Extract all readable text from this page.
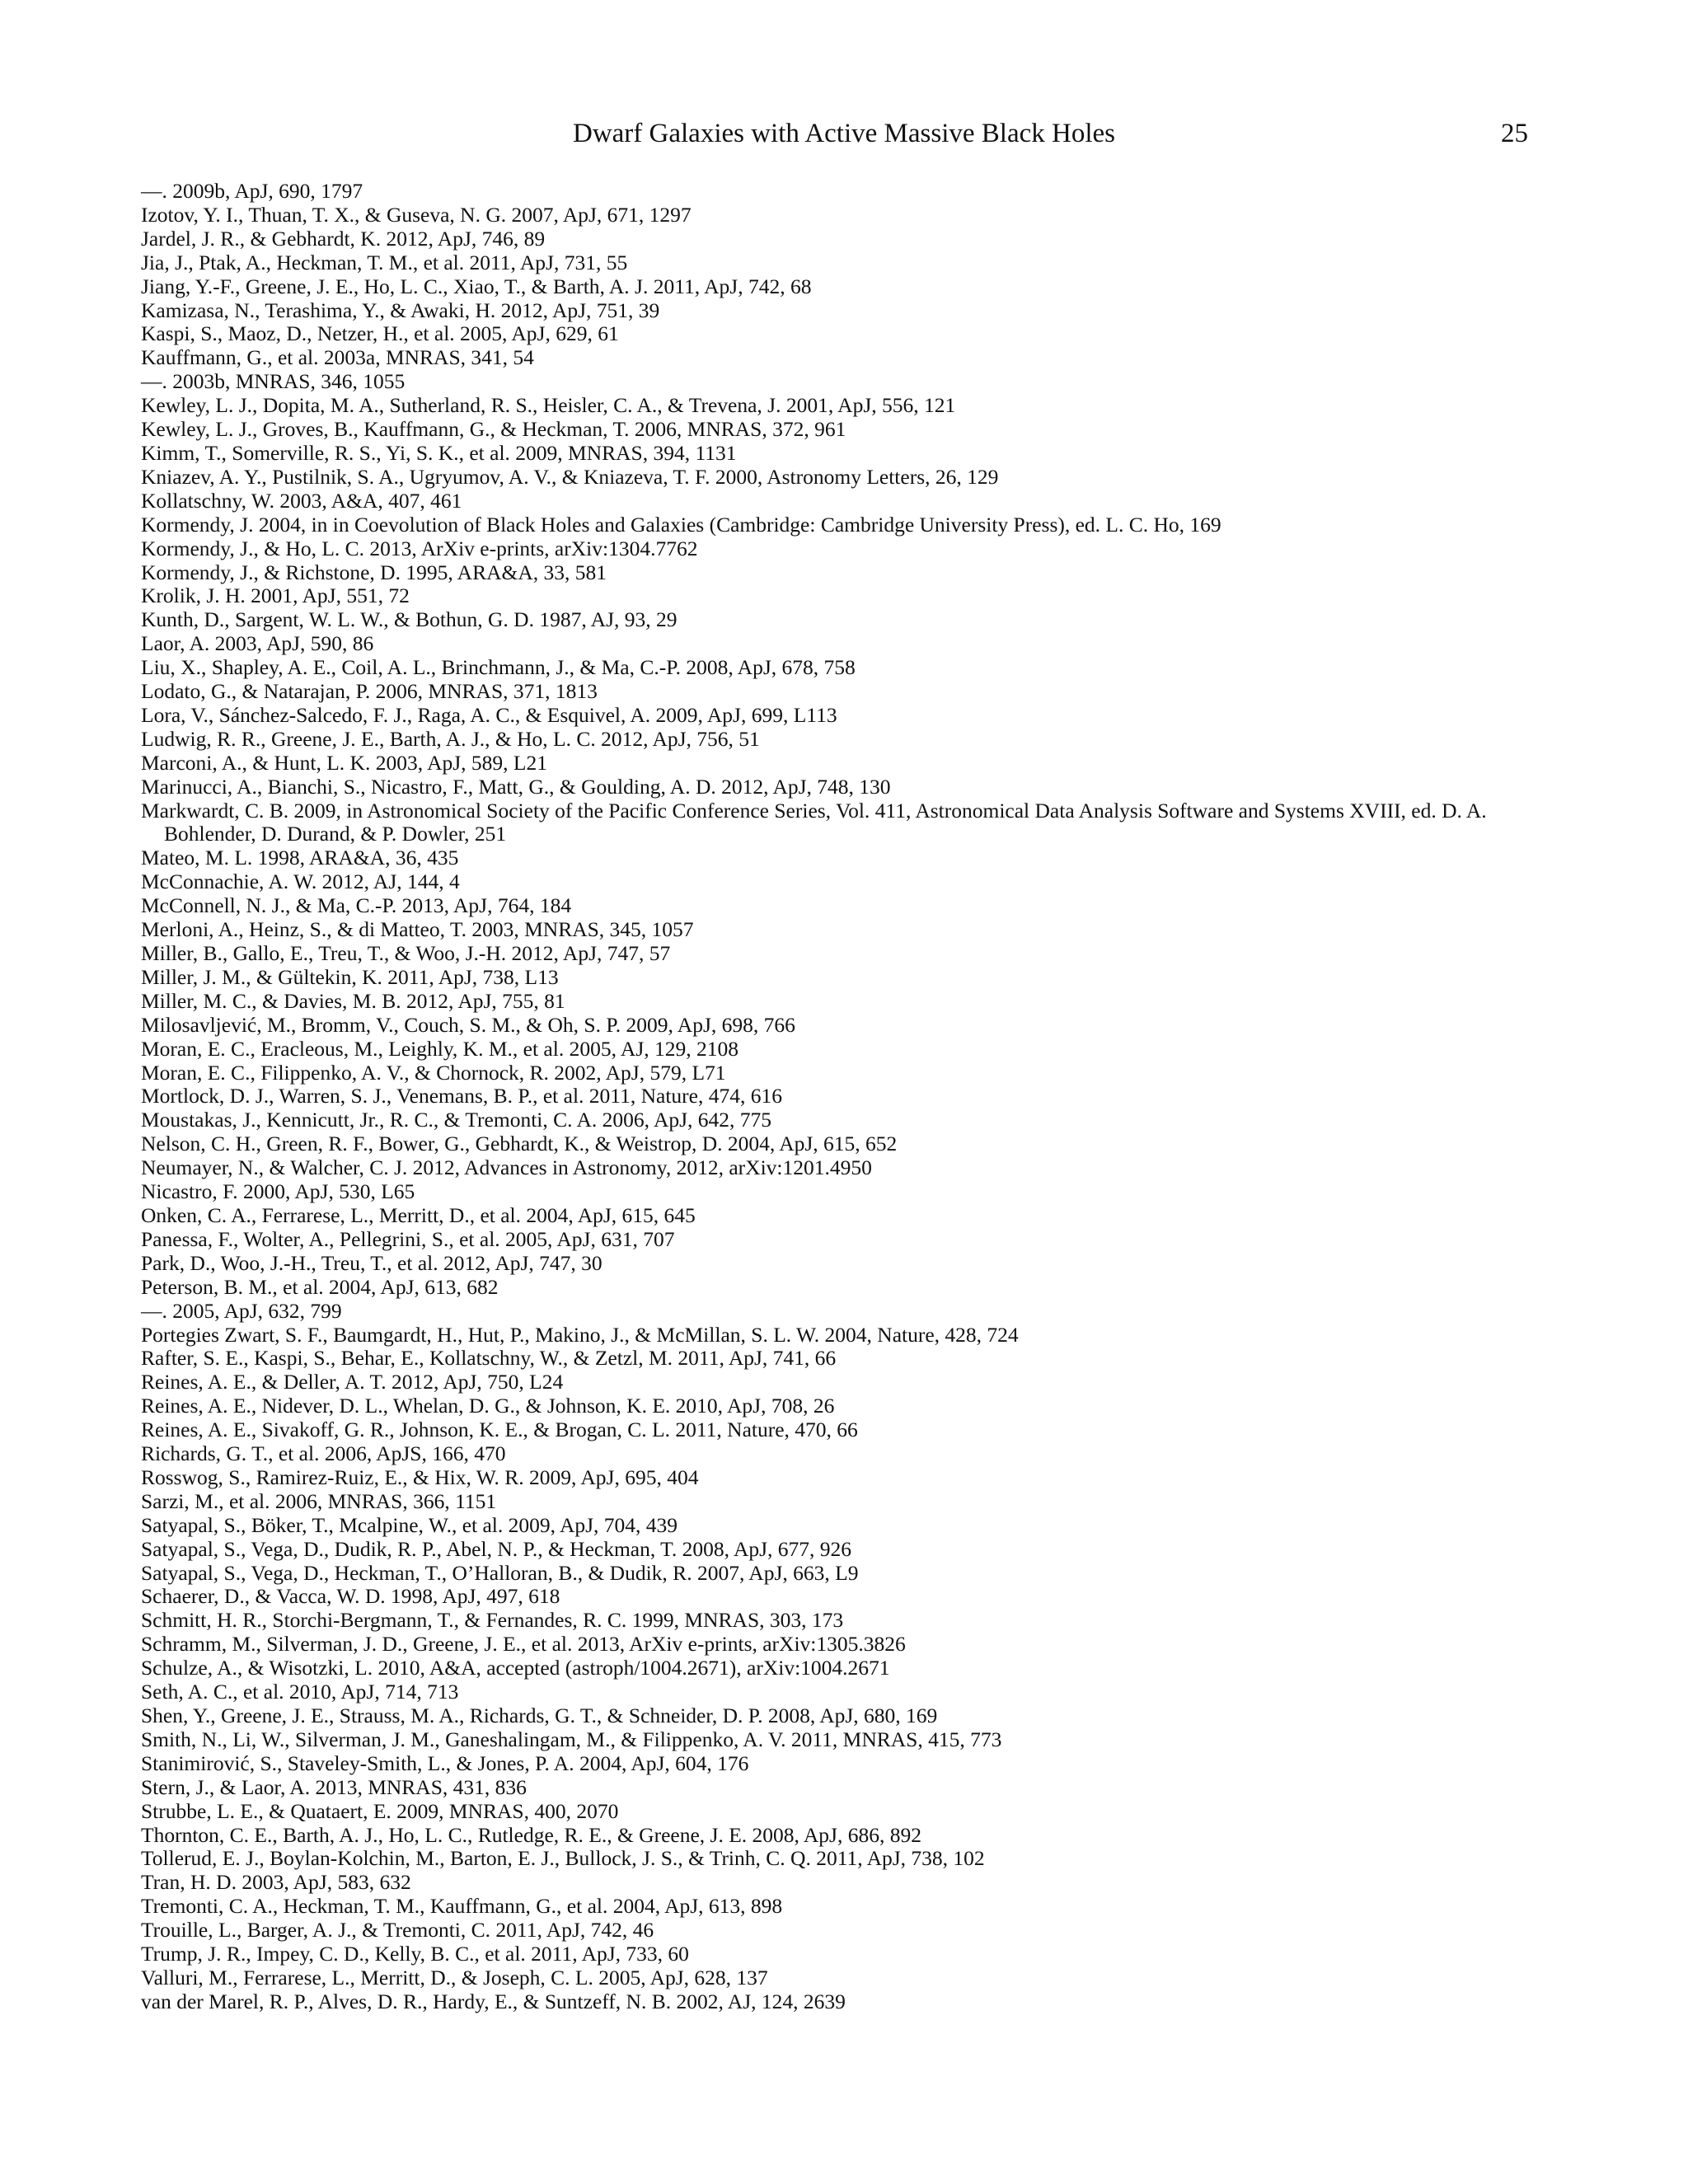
Dwarf Galaxies with Active Massive Black Holes	25
—. 2009b, ApJ, 690, 1797
Izotov, Y. I., Thuan, T. X., & Guseva, N. G. 2007, ApJ, 671, 1297
Jardel, J. R., & Gebhardt, K. 2012, ApJ, 746, 89
Jia, J., Ptak, A., Heckman, T. M., et al. 2011, ApJ, 731, 55
Jiang, Y.-F., Greene, J. E., Ho, L. C., Xiao, T., & Barth, A. J. 2011, ApJ, 742, 68
Kamizasa, N., Terashima, Y., & Awaki, H. 2012, ApJ, 751, 39
Kaspi, S., Maoz, D., Netzer, H., et al. 2005, ApJ, 629, 61
Kauffmann, G., et al. 2003a, MNRAS, 341, 54
—. 2003b, MNRAS, 346, 1055
Kewley, L. J., Dopita, M. A., Sutherland, R. S., Heisler, C. A., & Trevena, J. 2001, ApJ, 556, 121
Kewley, L. J., Groves, B., Kauffmann, G., & Heckman, T. 2006, MNRAS, 372, 961
Kimm, T., Somerville, R. S., Yi, S. K., et al. 2009, MNRAS, 394, 1131
Kniazev, A. Y., Pustilnik, S. A., Ugryumov, A. V., & Kniazeva, T. F. 2000, Astronomy Letters, 26, 129
Kollatschny, W. 2003, A&A, 407, 461
Kormendy, J. 2004, in in Coevolution of Black Holes and Galaxies (Cambridge: Cambridge University Press), ed. L. C. Ho, 169
Kormendy, J., & Ho, L. C. 2013, ArXiv e-prints, arXiv:1304.7762
Kormendy, J., & Richstone, D. 1995, ARA&A, 33, 581
Krolik, J. H. 2001, ApJ, 551, 72
Kunth, D., Sargent, W. L. W., & Bothun, G. D. 1987, AJ, 93, 29
Laor, A. 2003, ApJ, 590, 86
Liu, X., Shapley, A. E., Coil, A. L., Brinchmann, J., & Ma, C.-P. 2008, ApJ, 678, 758
Lodato, G., & Natarajan, P. 2006, MNRAS, 371, 1813
Lora, V., Sánchez-Salcedo, F. J., Raga, A. C., & Esquivel, A. 2009, ApJ, 699, L113
Ludwig, R. R., Greene, J. E., Barth, A. J., & Ho, L. C. 2012, ApJ, 756, 51
Marconi, A., & Hunt, L. K. 2003, ApJ, 589, L21
Marinucci, A., Bianchi, S., Nicastro, F., Matt, G., & Goulding, A. D. 2012, ApJ, 748, 130
Markwardt, C. B. 2009, in Astronomical Society of the Pacific Conference Series, Vol. 411, Astronomical Data Analysis Software and Systems XVIII, ed. D. A. Bohlender, D. Durand, & P. Dowler, 251
Mateo, M. L. 1998, ARA&A, 36, 435
McConnachie, A. W. 2012, AJ, 144, 4
McConnell, N. J., & Ma, C.-P. 2013, ApJ, 764, 184
Merloni, A., Heinz, S., & di Matteo, T. 2003, MNRAS, 345, 1057
Miller, B., Gallo, E., Treu, T., & Woo, J.-H. 2012, ApJ, 747, 57
Miller, J. M., & Gültekin, K. 2011, ApJ, 738, L13
Miller, M. C., & Davies, M. B. 2012, ApJ, 755, 81
Milosavljević, M., Bromm, V., Couch, S. M., & Oh, S. P. 2009, ApJ, 698, 766
Moran, E. C., Eracleous, M., Leighly, K. M., et al. 2005, AJ, 129, 2108
Moran, E. C., Filippenko, A. V., & Chornock, R. 2002, ApJ, 579, L71
Mortlock, D. J., Warren, S. J., Venemans, B. P., et al. 2011, Nature, 474, 616
Moustakas, J., Kennicutt, Jr., R. C., & Tremonti, C. A. 2006, ApJ, 642, 775
Nelson, C. H., Green, R. F., Bower, G., Gebhardt, K., & Weistrop, D. 2004, ApJ, 615, 652
Neumayer, N., & Walcher, C. J. 2012, Advances in Astronomy, 2012, arXiv:1201.4950
Nicastro, F. 2000, ApJ, 530, L65
Onken, C. A., Ferrarese, L., Merritt, D., et al. 2004, ApJ, 615, 645
Panessa, F., Wolter, A., Pellegrini, S., et al. 2005, ApJ, 631, 707
Park, D., Woo, J.-H., Treu, T., et al. 2012, ApJ, 747, 30
Peterson, B. M., et al. 2004, ApJ, 613, 682
—. 2005, ApJ, 632, 799
Portegies Zwart, S. F., Baumgardt, H., Hut, P., Makino, J., & McMillan, S. L. W. 2004, Nature, 428, 724
Rafter, S. E., Kaspi, S., Behar, E., Kollatschny, W., & Zetzl, M. 2011, ApJ, 741, 66
Reines, A. E., & Deller, A. T. 2012, ApJ, 750, L24
Reines, A. E., Nidever, D. L., Whelan, D. G., & Johnson, K. E. 2010, ApJ, 708, 26
Reines, A. E., Sivakoff, G. R., Johnson, K. E., & Brogan, C. L. 2011, Nature, 470, 66
Richards, G. T., et al. 2006, ApJS, 166, 470
Rosswog, S., Ramirez-Ruiz, E., & Hix, W. R. 2009, ApJ, 695, 404
Sarzi, M., et al. 2006, MNRAS, 366, 1151
Satyapal, S., Böker, T., Mcalpine, W., et al. 2009, ApJ, 704, 439
Satyapal, S., Vega, D., Dudik, R. P., Abel, N. P., & Heckman, T. 2008, ApJ, 677, 926
Satyapal, S., Vega, D., Heckman, T., O’Halloran, B., & Dudik, R. 2007, ApJ, 663, L9
Schaerer, D., & Vacca, W. D. 1998, ApJ, 497, 618
Schmitt, H. R., Storchi-Bergmann, T., & Fernandes, R. C. 1999, MNRAS, 303, 173
Schramm, M., Silverman, J. D., Greene, J. E., et al. 2013, ArXiv e-prints, arXiv:1305.3826
Schulze, A., & Wisotzki, L. 2010, A&A, accepted (astroph/1004.2671), arXiv:1004.2671
Seth, A. C., et al. 2010, ApJ, 714, 713
Shen, Y., Greene, J. E., Strauss, M. A., Richards, G. T., & Schneider, D. P. 2008, ApJ, 680, 169
Smith, N., Li, W., Silverman, J. M., Ganeshalingam, M., & Filippenko, A. V. 2011, MNRAS, 415, 773
Stanimirović, S., Staveley-Smith, L., & Jones, P. A. 2004, ApJ, 604, 176
Stern, J., & Laor, A. 2013, MNRAS, 431, 836
Strubbe, L. E., & Quataert, E. 2009, MNRAS, 400, 2070
Thornton, C. E., Barth, A. J., Ho, L. C., Rutledge, R. E., & Greene, J. E. 2008, ApJ, 686, 892
Tollerud, E. J., Boylan-Kolchin, M., Barton, E. J., Bullock, J. S., & Trinh, C. Q. 2011, ApJ, 738, 102
Tran, H. D. 2003, ApJ, 583, 632
Tremonti, C. A., Heckman, T. M., Kauffmann, G., et al. 2004, ApJ, 613, 898
Trouille, L., Barger, A. J., & Tremonti, C. 2011, ApJ, 742, 46
Trump, J. R., Impey, C. D., Kelly, B. C., et al. 2011, ApJ, 733, 60
Valluri, M., Ferrarese, L., Merritt, D., & Joseph, C. L. 2005, ApJ, 628, 137
van der Marel, R. P., Alves, D. R., Hardy, E., & Suntzeff, N. B. 2002, AJ, 124, 2639
